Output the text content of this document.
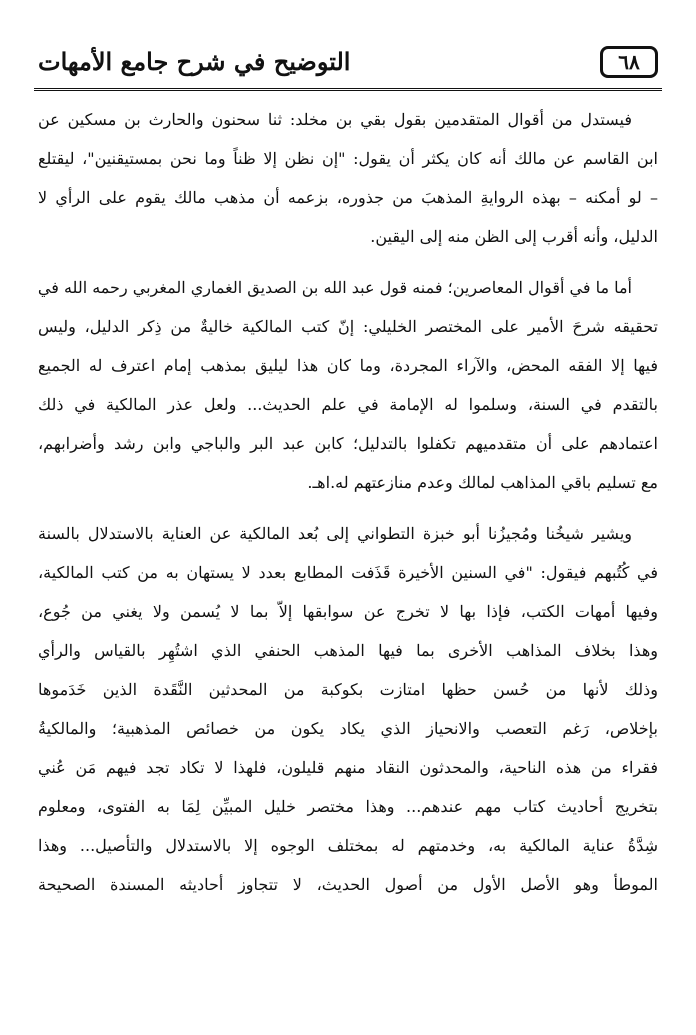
٦٨
التوضيح في شرح جامع الأمهات
فيستدل من أقوال المتقدمين بقول بقي بن مخلد: ثنا سحنون والحارث بن مسكين عن
ابن القاسم عن مالك أنه كان يكثر أن يقول: "إن نظن إلا ظناً وما نحن بمستيقنين"، ليقتلع
– لو أمكنه – بهذه الروايةِ المذهبَ من جذوره، بزعمه أن مذهب مالك يقوم على الرأي لا
الدليل، وأنه أقرب إلى الظن منه إلى اليقين.
أما ما في أقوال المعاصرين؛ فمنه قول عبد الله بن الصديق الغماري المغربي رحمه الله في
تحقيقه شرحَ الأمير على المختصر الخليلي: إنّ كتب المالكية خاليةٌ من ذِكر الدليل، وليس
فيها إلا الفقه المحض، والآراء المجردة، وما كان هذا ليليق بمذهب إمام اعترف له الجميع
بالتقدم في السنة، وسلموا له الإمامة في علم الحديث... ولعل عذر المالكية في ذلك
اعتمادهم على أن متقدميهم تكفلوا بالتدليل؛ كابن عبد البر والباجي وابن رشد وأضرابهم،
مع تسليم باقي المذاهب لمالك وعدم منازعتهم له.اهـ.
ويشير شيخُنا ومُجيزُنا أبو خبزة التطواني إلى بُعد المالكية عن العناية بالاستدلال بالسنة
في كُتُبهم فيقول: "في السنين الأخيرة قَذَفت المطابع بعدد لا يستهان به من كتب المالكية،
وفيها أمهات الكتب، فإذا بها لا تخرج عن سوابقها إلاّ بما لا يُسمن ولا يغني من جُوع،
وهذا بخلاف المذاهب الأخرى بما فيها المذهب الحنفي الذي اشتُهِر بالقياس والرأي
وذلك لأنها من حُسن حظها امتازت بكوكبة من المحدثين النَّقَدة الذين خَدَموها
بإخلاص، رَغم التعصب والانحياز الذي يكاد يكون من خصائص المذهبية؛ والمالكيةُ
فقراء من هذه الناحية، والمحدثون النقاد منهم قليلون، فلهذا لا تكاد تجد فيهم مَن عُني
بتخريج أحاديث كتاب مهم عندهم... وهذا مختصر خليل المبيِّن لِمَا به الفتوى، ومعلوم
شِدَّةُ عناية المالكية به، وخدمتهم له بمختلف الوجوه إلا بالاستدلال والتأصيل... وهذا
الموطأ وهو الأصل الأول من أصول الحديث، لا تتجاوز أحاديثه المسندة الصحيحة
